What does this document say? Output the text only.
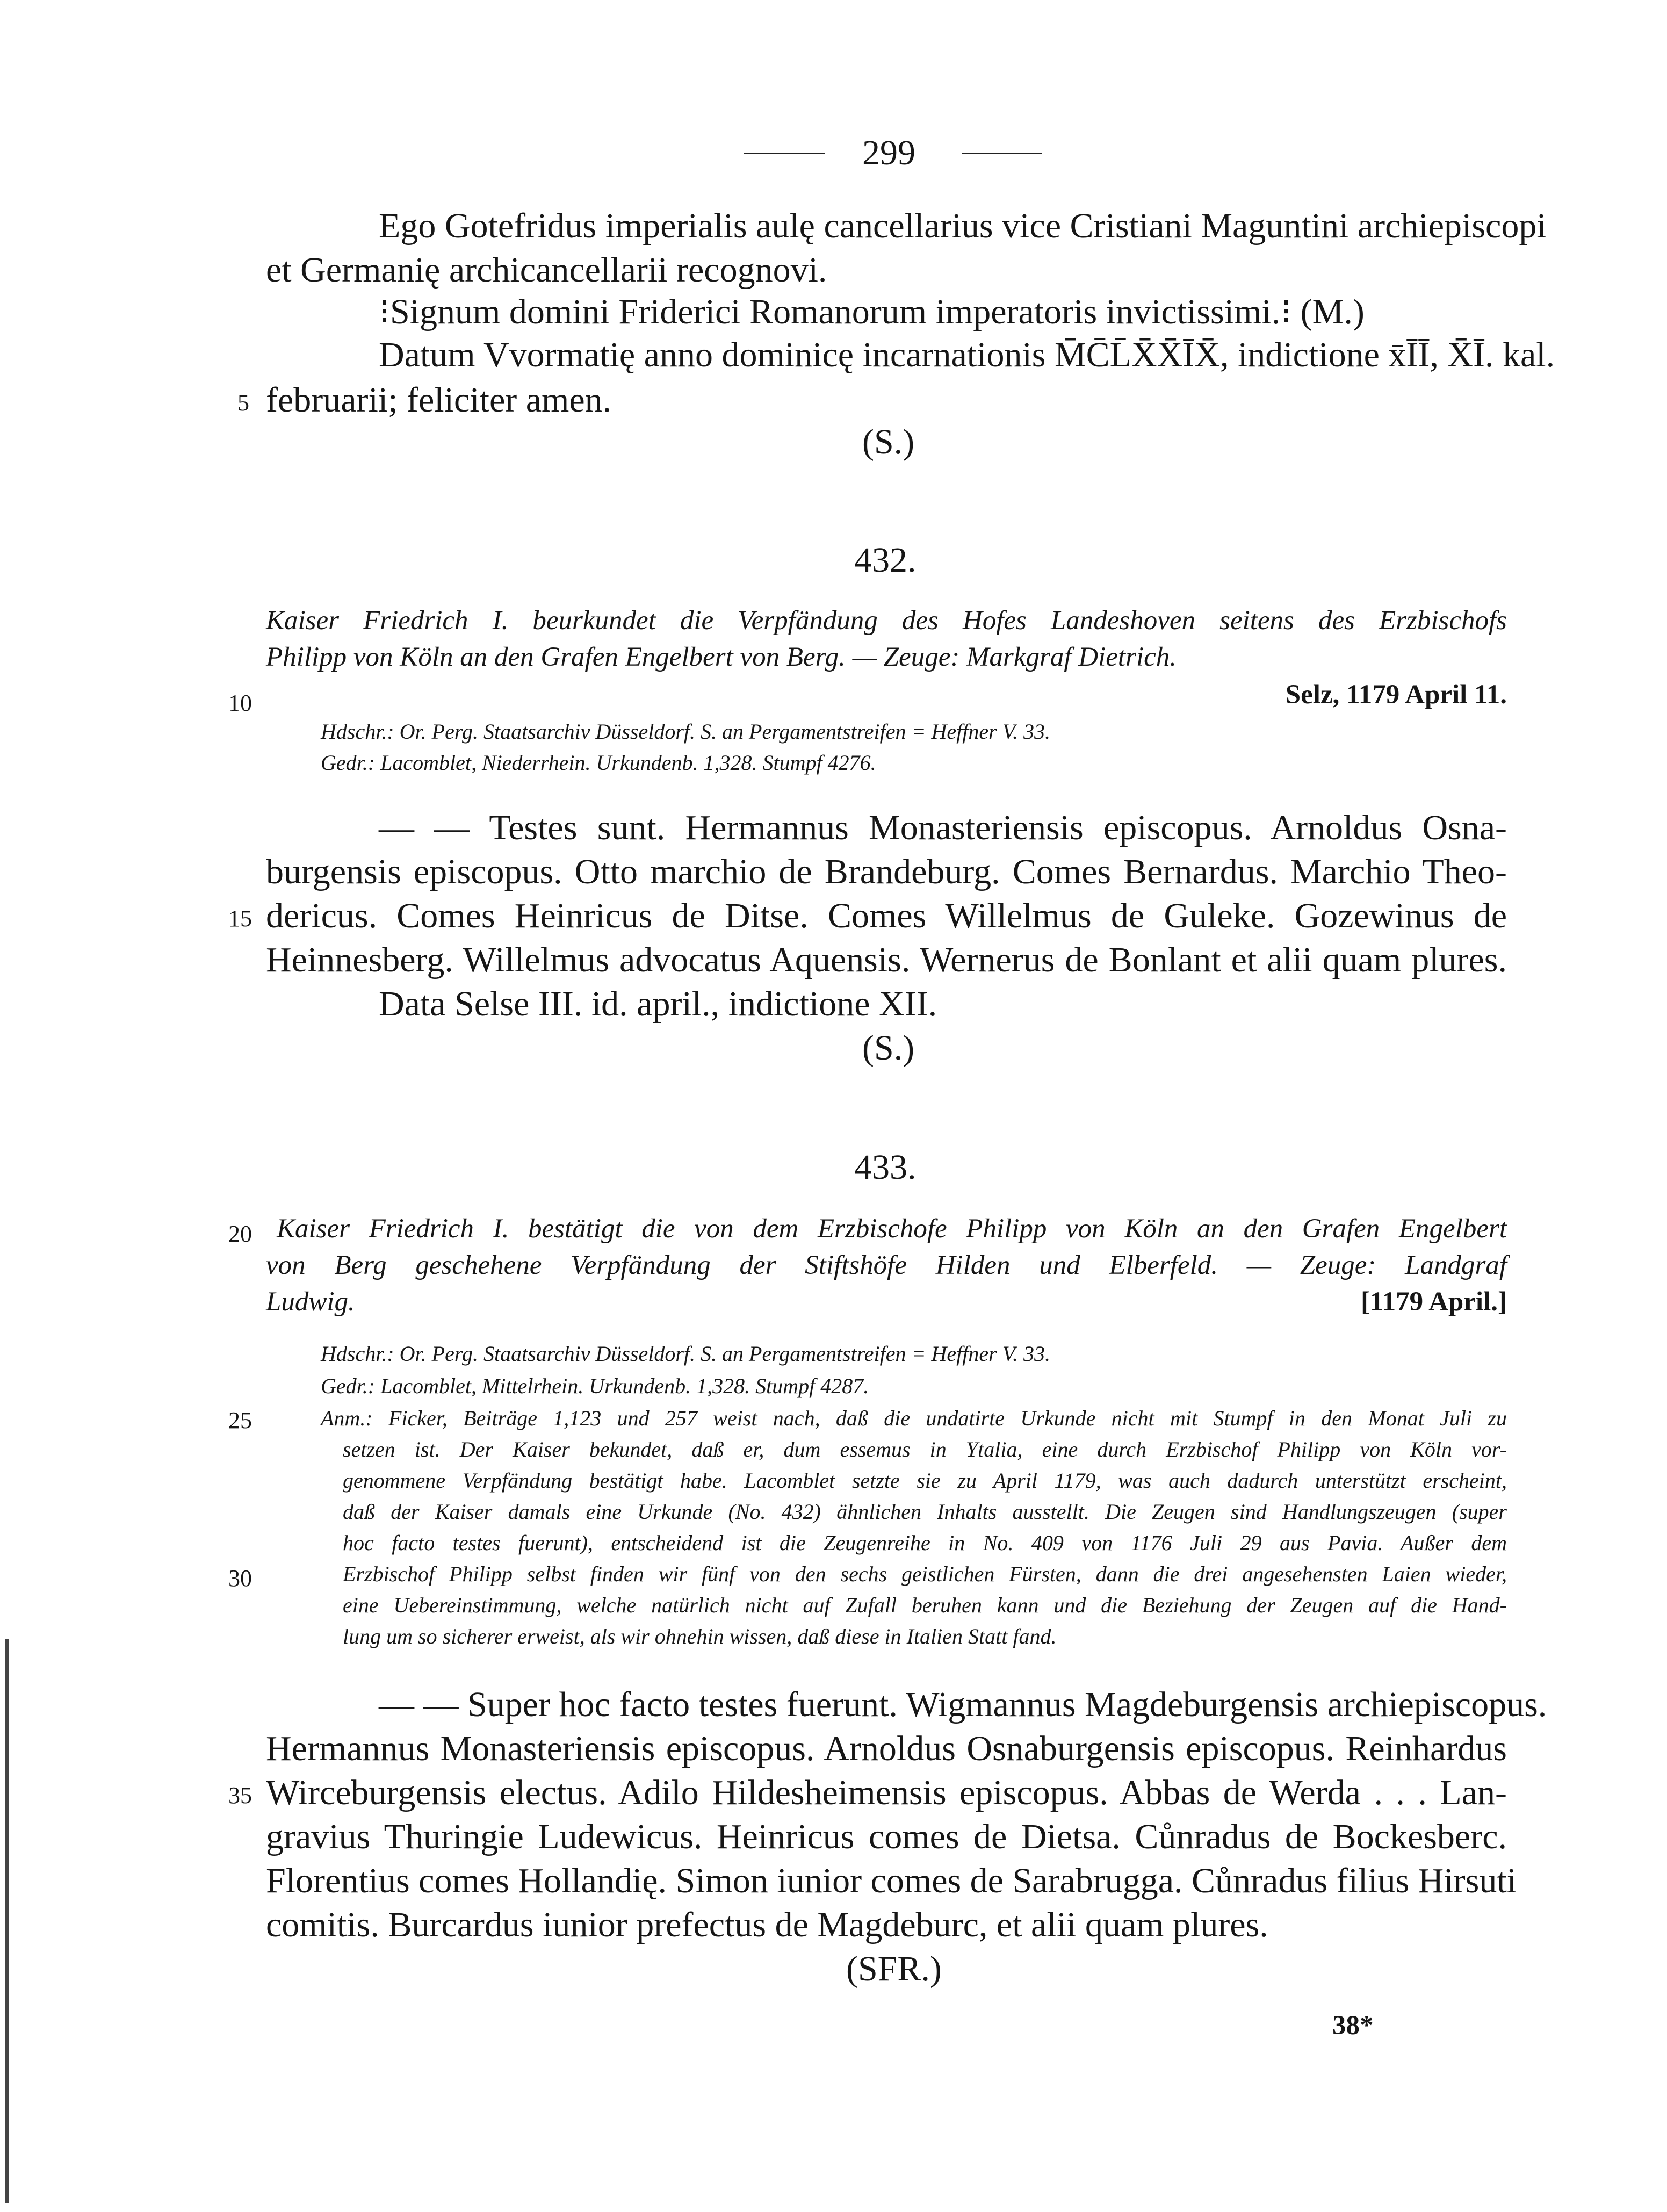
299
Ego Gotefridus imperialis aulę cancellarius vice Cristiani Maguntini archiepiscopi
et Germanię archicancellarii recognovi.
⁝Signum domini Friderici Romanorum imperatoris invictissimi.⁝ (M.)
Datum Vvormatię anno dominicę incarnationis M̄C̄L̄X̄X̄ĪX̄, indictione x̄ĪĪ, X̄Ī. kal.
5 februarii; feliciter amen.
(S.)
432.
Kaiser Friedrich I. beurkundet die Verpfändung des Hofes Landeshoven seitens des Erzbischofs
Philipp von Köln an den Grafen Engelbert von Berg. — Zeuge: Markgraf Dietrich.
10	Selz, 1179 April 11.
Hdschr.: Or. Perg. Staatsarchiv Düsseldorf. S. an Pergamentstreifen = Heffner V. 33.
Gedr.: Lacomblet, Niederrhein. Urkundenb. 1,328. Stumpf 4276.
— — Testes sunt. Hermannus Monasteriensis episcopus. Arnoldus Osna-
burgensis episcopus. Otto marchio de Brandeburg. Comes Bernardus. Marchio Theo-
15 dericus. Comes Heinricus de Ditse. Comes Willelmus de Guleke. Gozewinus de
Heinnesberg. Willelmus advocatus Aquensis. Wernerus de Bonlant et alii quam plures.
Data Selse III. id. april., indictione XII.
(S.)
433.
20 Kaiser Friedrich I. bestätigt die von dem Erzbischofe Philipp von Köln an den Grafen Engelbert
von Berg geschehene Verpfändung der Stiftshöfe Hilden und Elberfeld. — Zeuge: Landgraf
Ludwig.	[1179 April.]
Hdschr.: Or. Perg. Staatsarchiv Düsseldorf. S. an Pergamentstreifen = Heffner V. 33.
Gedr.: Lacomblet, Mittelrhein. Urkundenb. 1,328. Stumpf 4287.
25	Anm.: Ficker, Beiträge 1,123 und 257 weist nach, daß die undatirte Urkunde nicht mit Stumpf in den Monat Juli zu
setzen ist. Der Kaiser bekundet, daß er, dum essemus in Ytalia, eine durch Erzbischof Philipp von Köln vor-
genommene Verpfändung bestätigt habe. Lacomblet setzte sie zu April 1179, was auch dadurch unterstützt erscheint,
daß der Kaiser damals eine Urkunde (No. 432) ähnlichen Inhalts ausstellt. Die Zeugen sind Handlungszeugen (super
hoc facto testes fuerunt), entscheidend ist die Zeugenreihe in No. 409 von 1176 Juli 29 aus Pavia. Außer dem
30	Erzbischof Philipp selbst finden wir fünf von den sechs geistlichen Fürsten, dann die drei angesehensten Laien wieder,
eine Uebereinstimmung, welche natürlich nicht auf Zufall beruhen kann und die Beziehung der Zeugen auf die Hand-
lung um so sicherer erweist, als wir ohnehin wissen, daß diese in Italien Statt fand.
— — Super hoc facto testes fuerunt. Wigmannus Magdeburgensis archiepiscopus.
Hermannus Monasteriensis episcopus. Arnoldus Osnaburgensis episcopus. Reinhardus
35 Wirceburgensis electus. Adilo Hildesheimensis episcopus. Abbas de Werda . . . Lan-
gravius Thuringie Ludewicus. Heinricus comes de Dietsa. Cůnradus de Bockesberc.
Florentius comes Hollandię. Simon iunior comes de Sarabrugga. Cůnradus filius Hirsuti
comitis. Burcardus iunior prefectus de Magdeburc, et alii quam plures.
(SFR.)
38*
